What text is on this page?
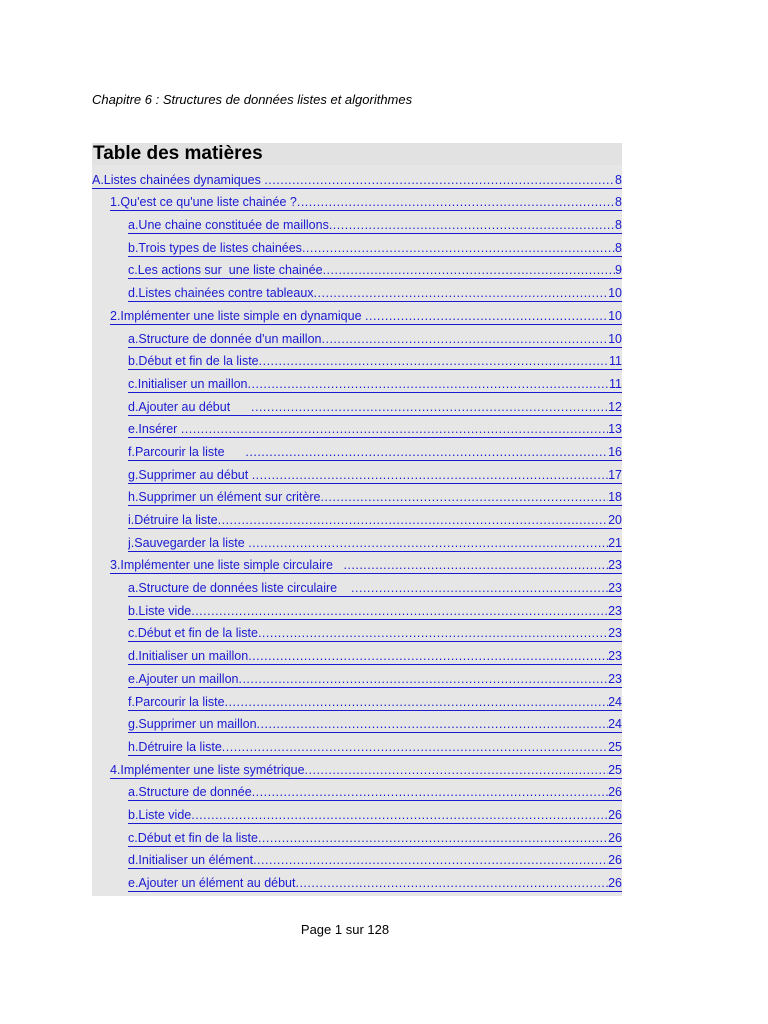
Chapitre 6 : Structures de données listes et algorithmes
Table des matières
A.Listes chainées dynamiques .....	8
1.Qu'est ce qu'une liste chainée ? .....	8
a.Une chaine constituée de maillons .....	8
b.Trois types de listes chainées .....	8
c.Les actions sur  une liste chainée .....	9
d.Listes chainées contre tableaux .....	10
2.Implémenter une liste simple en dynamique .....	10
a.Structure de donnée d'un maillon .....	10
b.Début et fin de la liste .....	11
c.Initialiser un maillon .....	11
d.Ajouter au début .....	12
e.Insérer .....	13
f.Parcourir la liste .....	16
g.Supprimer au début .....	17
h.Supprimer un élément sur critère .....	18
i.Détruire la liste .....	20
j.Sauvegarder la liste .....	21
3.Implémenter une liste simple circulaire .....	23
a.Structure de données liste circulaire .....	23
b.Liste vide .....	23
c.Début et fin de la liste .....	23
d.Initialiser un maillon .....	23
e.Ajouter un maillon .....	23
f.Parcourir la liste .....	24
g.Supprimer un maillon .....	24
h.Détruire la liste .....	25
4.Implémenter une liste symétrique .....	25
a.Structure de donnée .....	26
b.Liste vide .....	26
c.Début et fin de la liste .....	26
d.Initialiser un élément .....	26
e.Ajouter un élément au début .....	26
Page 1 sur 128
